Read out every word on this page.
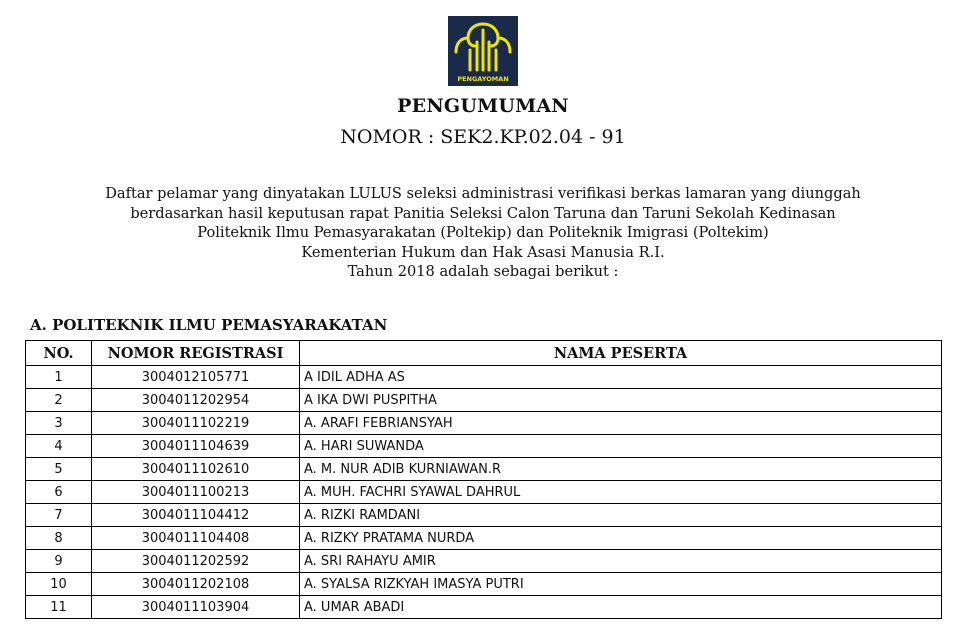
PENGAYOMAN
PENGUMUMAN
NOMOR : SEK2.KP.02.04 - 91
Daftar pelamar yang dinyatakan LULUS seleksi administrasi verifikasi berkas lamaran yang diunggah
berdasarkan hasil keputusan rapat Panitia Seleksi Calon Taruna dan Taruni Sekolah Kedinasan
Politeknik Ilmu Pemasyarakatan (Poltekip) dan Politeknik Imigrasi (Poltekim)
Kementerian Hukum dan Hak Asasi Manusia R.I.
Tahun 2018 adalah sebagai berikut :
A. POLITEKNIK ILMU PEMASYARAKATAN
NO.	NOMOR REGISTRASI	NAMA PESERTA
1	3004012105771	A IDIL ADHA AS
2	3004011202954	A IKA DWI PUSPITHA
3	3004011102219	A. ARAFI FEBRIANSYAH
4	3004011104639	A. HARI SUWANDA
5	3004011102610	A. M. NUR ADIB KURNIAWAN.R
6	3004011100213	A. MUH. FACHRI SYAWAL DAHRUL
7	3004011104412	A. RIZKI RAMDANI
8	3004011104408	A. RIZKY PRATAMA NURDA
9	3004011202592	A. SRI RAHAYU AMIR
10	3004011202108	A. SYALSA RIZKYAH IMASYA PUTRI
11	3004011103904	A. UMAR ABADI
